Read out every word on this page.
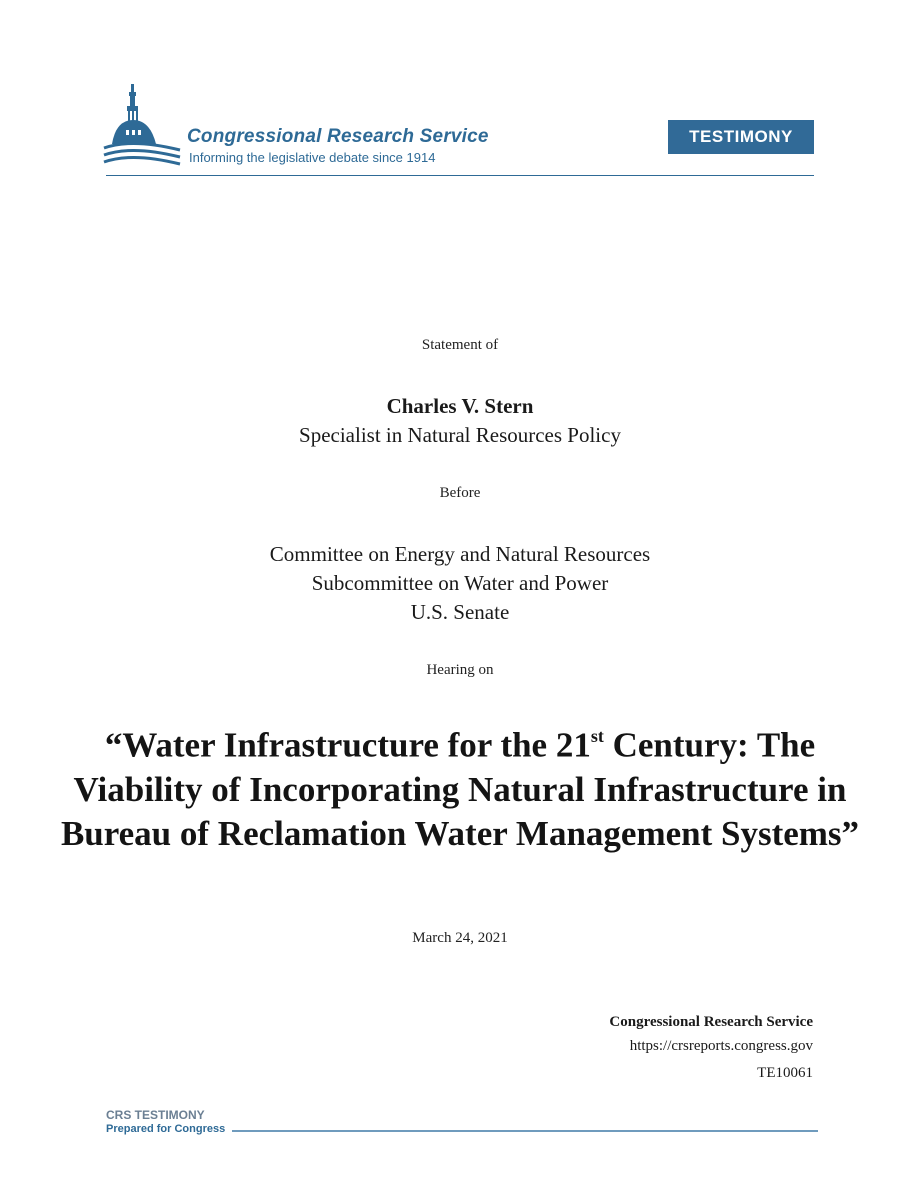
Congressional Research Service
Informing the legislative debate since 1914
TESTIMONY
Statement of
Charles V. Stern
Specialist in Natural Resources Policy
Before
Committee on Energy and Natural Resources
Subcommittee on Water and Power
U.S. Senate
Hearing on
“Water Infrastructure for the 21st Century: The Viability of Incorporating Natural Infrastructure in Bureau of Reclamation Water Management Systems”
March 24, 2021
Congressional Research Service
https://crsreports.congress.gov
TE10061
CRS TESTIMONY
Prepared for Congress
